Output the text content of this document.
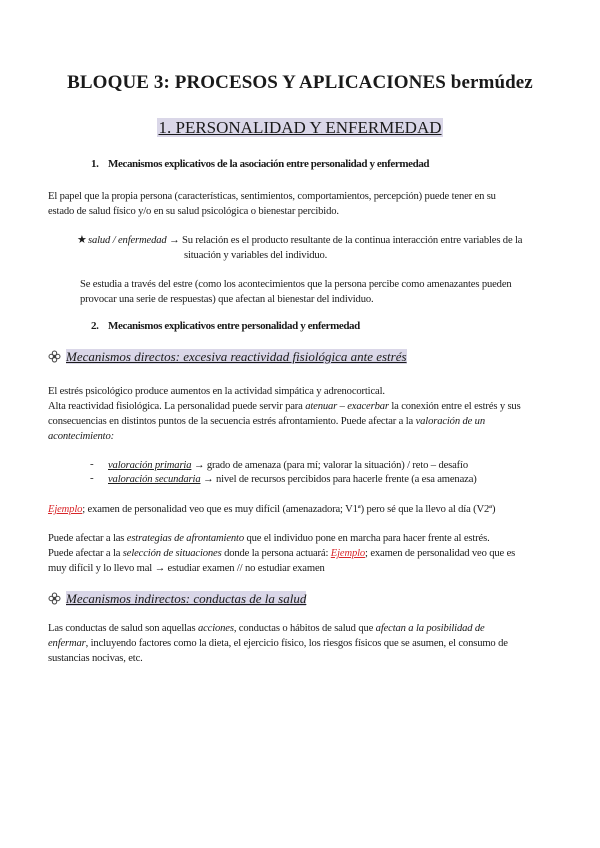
BLOQUE 3: PROCESOS Y APLICACIONES bermúdez
1. PERSONALIDAD Y ENFERMEDAD
1. Mecanismos explicativos de la asociación entre personalidad y enfermedad
El papel que la propia persona (características, sentimientos, comportamientos, percepción) puede tener en su
estado de salud físico y/o en su salud psicológica o bienestar percibido.
★ salud / enfermedad → Su relación es el producto resultante de la continua interacción entre variables de la
situación y variables del individuo.
Se estudia a través del estre (como los acontecimientos que la persona percibe como amenazantes pueden
provocar una serie de respuestas) que afectan al bienestar del individuo.
2. Mecanismos explicativos entre personalidad y enfermedad
Mecanismos directos: excesiva reactividad fisiológica ante estrés
El estrés psicológico produce aumentos en la actividad simpática y adrenocortical.
Alta reactividad fisiológica. La personalidad puede servir para atenuar – exacerbar la conexión entre el estrés y sus
consecuencias en distintos puntos de la secuencia estrés afrontamiento. Puede afectar a la valoración de un
acontecimiento:
- valoración primaria → grado de amenaza (para mí; valorar la situación) / reto – desafío
- valoración secundaria → nivel de recursos percibidos para hacerle frente (a esa amenaza)
Ejemplo; examen de personalidad veo que es muy difícil (amenazadora; V1ª) pero sé que la llevo al día (V2ª)
Puede afectar a las estrategias de afrontamiento que el individuo pone en marcha para hacer frente al estrés.
Puede afectar a la selección de situaciones donde la persona actuará: Ejemplo; examen de personalidad veo que es
muy difícil y lo llevo mal → estudiar examen // no estudiar examen
Mecanismos indirectos: conductas de la salud
Las conductas de salud son aquellas acciones, conductas o hábitos de salud que afectan a la posibilidad de
enfermar, incluyendo factores como la dieta, el ejercicio físico, los riesgos físicos que se asumen, el consumo de
sustancias nocivas, etc.
